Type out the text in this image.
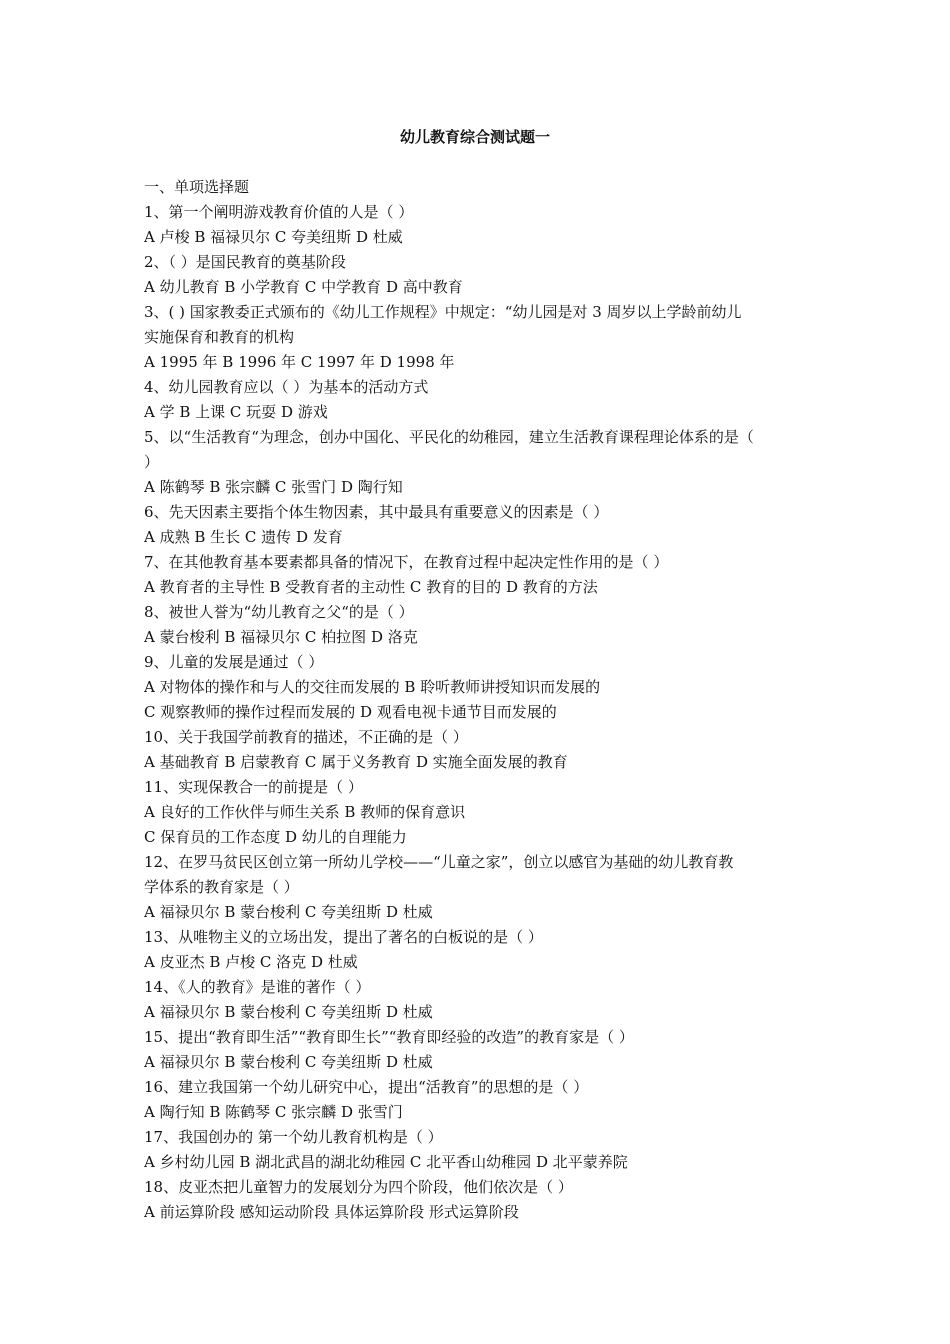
幼儿教育综合测试题一
一、单项选择题
1、第一个阐明游戏教育价值的人是（ ）
A 卢梭 B 福禄贝尔 C 夸美纽斯 D 杜威
2、（ ）是国民教育的奠基阶段
A 幼儿教育 B 小学教育 C 中学教育 D 高中教育
3、( ) 国家教委正式颁布的《幼儿工作规程》中规定：“幼儿园是对 3 周岁以上学龄前幼儿
实施保育和教育的机构
A 1995 年 B 1996 年 C 1997 年 D 1998 年
4、幼儿园教育应以（ ）为基本的活动方式
A 学 B 上课 C 玩耍 D 游戏
5、以“生活教育“为理念，创办中国化、平民化的幼稚园，建立生活教育课程理论体系的是（
）
A 陈鹤琴 B 张宗麟 C 张雪门 D 陶行知
6、先天因素主要指个体生物因素，其中最具有重要意义的因素是（ ）
A 成熟 B 生长 C 遗传 D 发育
7、在其他教育基本要素都具备的情况下，在教育过程中起决定性作用的是（ ）
A 教育者的主导性 B 受教育者的主动性 C 教育的目的 D 教育的方法
8、被世人誉为“幼儿教育之父“的是（ ）
A 蒙台梭利 B 福禄贝尔 C 柏拉图 D 洛克
9、儿童的发展是通过（ ）
A 对物体的操作和与人的交往而发展的 B 聆听教师讲授知识而发展的
C 观察教师的操作过程而发展的 D 观看电视卡通节目而发展的
10、关于我国学前教育的描述，不正确的是（ ）
A 基础教育 B 启蒙教育 C 属于义务教育 D 实施全面发展的教育
11、实现保教合一的前提是（ ）
A 良好的工作伙伴与师生关系 B 教师的保育意识
C 保育员的工作态度 D 幼儿的自理能力
12、在罗马贫民区创立第一所幼儿学校——“儿童之家”，创立以感官为基础的幼儿教育教
学体系的教育家是（ ）
A 福禄贝尔 B 蒙台梭利 C 夸美纽斯 D 杜威
13、从唯物主义的立场出发，提出了著名的白板说的是（ ）
A 皮亚杰 B 卢梭 C 洛克 D 杜威
14、《人的教育》是谁的著作（ ）
A 福禄贝尔 B 蒙台梭利 C 夸美纽斯 D 杜威
15、提出“教育即生活”“教育即生长”“教育即经验的改造”的教育家是（ ）
A 福禄贝尔 B 蒙台梭利 C 夸美纽斯 D 杜威
16、建立我国第一个幼儿研究中心，提出“活教育”的思想的是（ ）
A 陶行知 B 陈鹤琴 C 张宗麟 D 张雪门
17、我国创办的 第一个幼儿教育机构是（ ）
A 乡村幼儿园 B 湖北武昌的湖北幼稚园 C 北平香山幼稚园 D 北平蒙养院
18、皮亚杰把儿童智力的发展划分为四个阶段，他们依次是（ ）
A 前运算阶段 感知运动阶段 具体运算阶段 形式运算阶段
